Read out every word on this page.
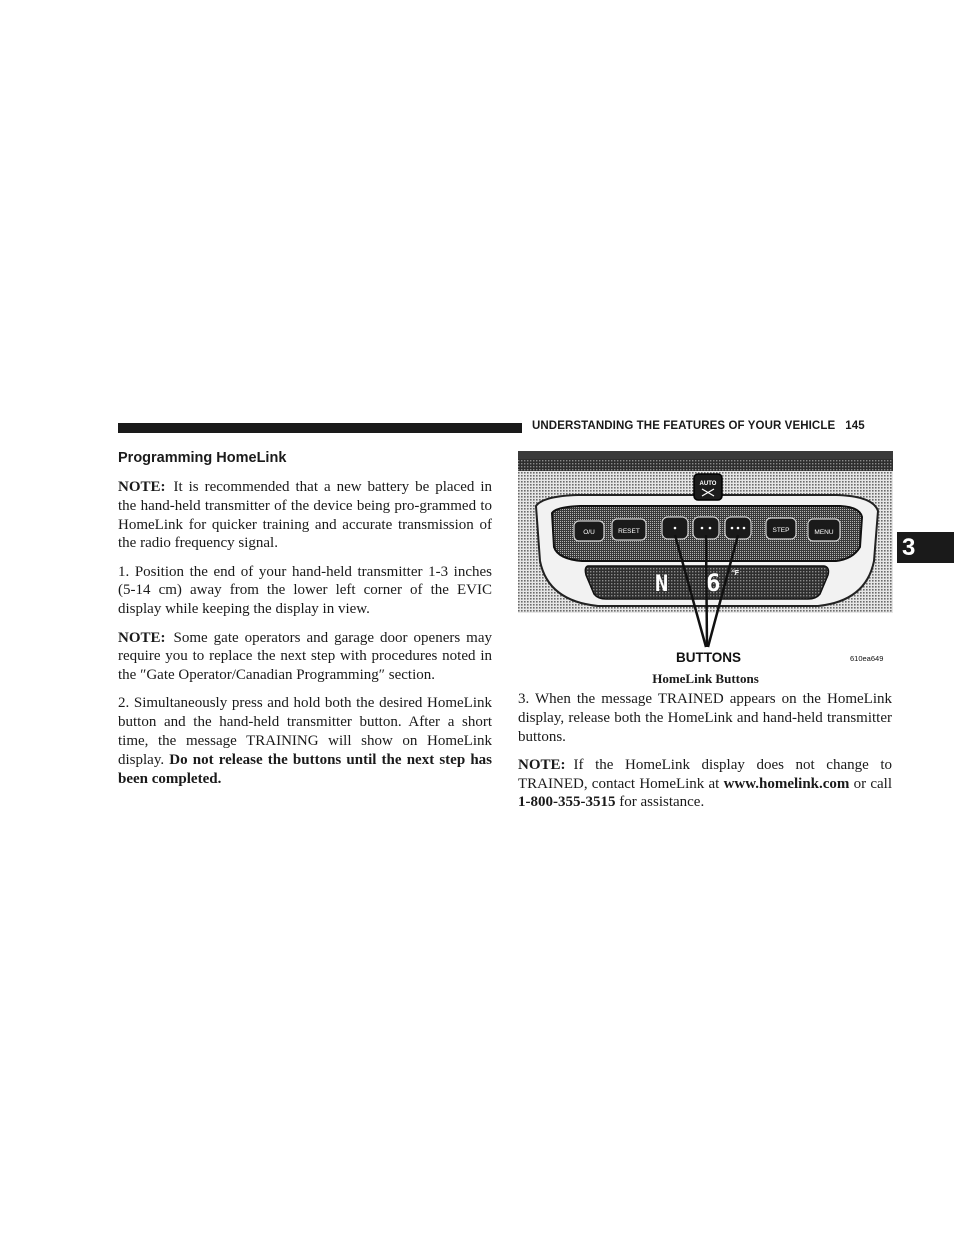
UNDERSTANDING THE FEATURES OF YOUR VEHICLE 145
3
Programming HomeLink

NOTE: It is recommended that a new battery be placed in the hand-held transmitter of the device being pro-grammed to HomeLink for quicker training and accurate transmission of the radio frequency signal.

1. Position the end of your hand-held transmitter 1-3 inches (5-14 cm) away from the lower left corner of the EVIC display while keeping the display in view.

NOTE: Some gate operators and garage door openers may require you to replace the next step with procedures noted in the ″Gate Operator/Canadian Programming″ section.

2. Simultaneously press and hold both the desired HomeLink button and the hand-held transmitter button. After a short time, the message TRAINING will show on HomeLink display. Do not release the buttons until the next step has been completed.

N 6 °F
AUTO
O/U	RESET	STEP	MENU
BUTTONS	610ea649
HomeLink Buttons

3. When the message TRAINED appears on the HomeLink display, release both the HomeLink and hand-held transmitter buttons.

NOTE: If the HomeLink display does not change to TRAINED, contact HomeLink at www.homelink.com or call 1-800-355-3515 for assistance.
